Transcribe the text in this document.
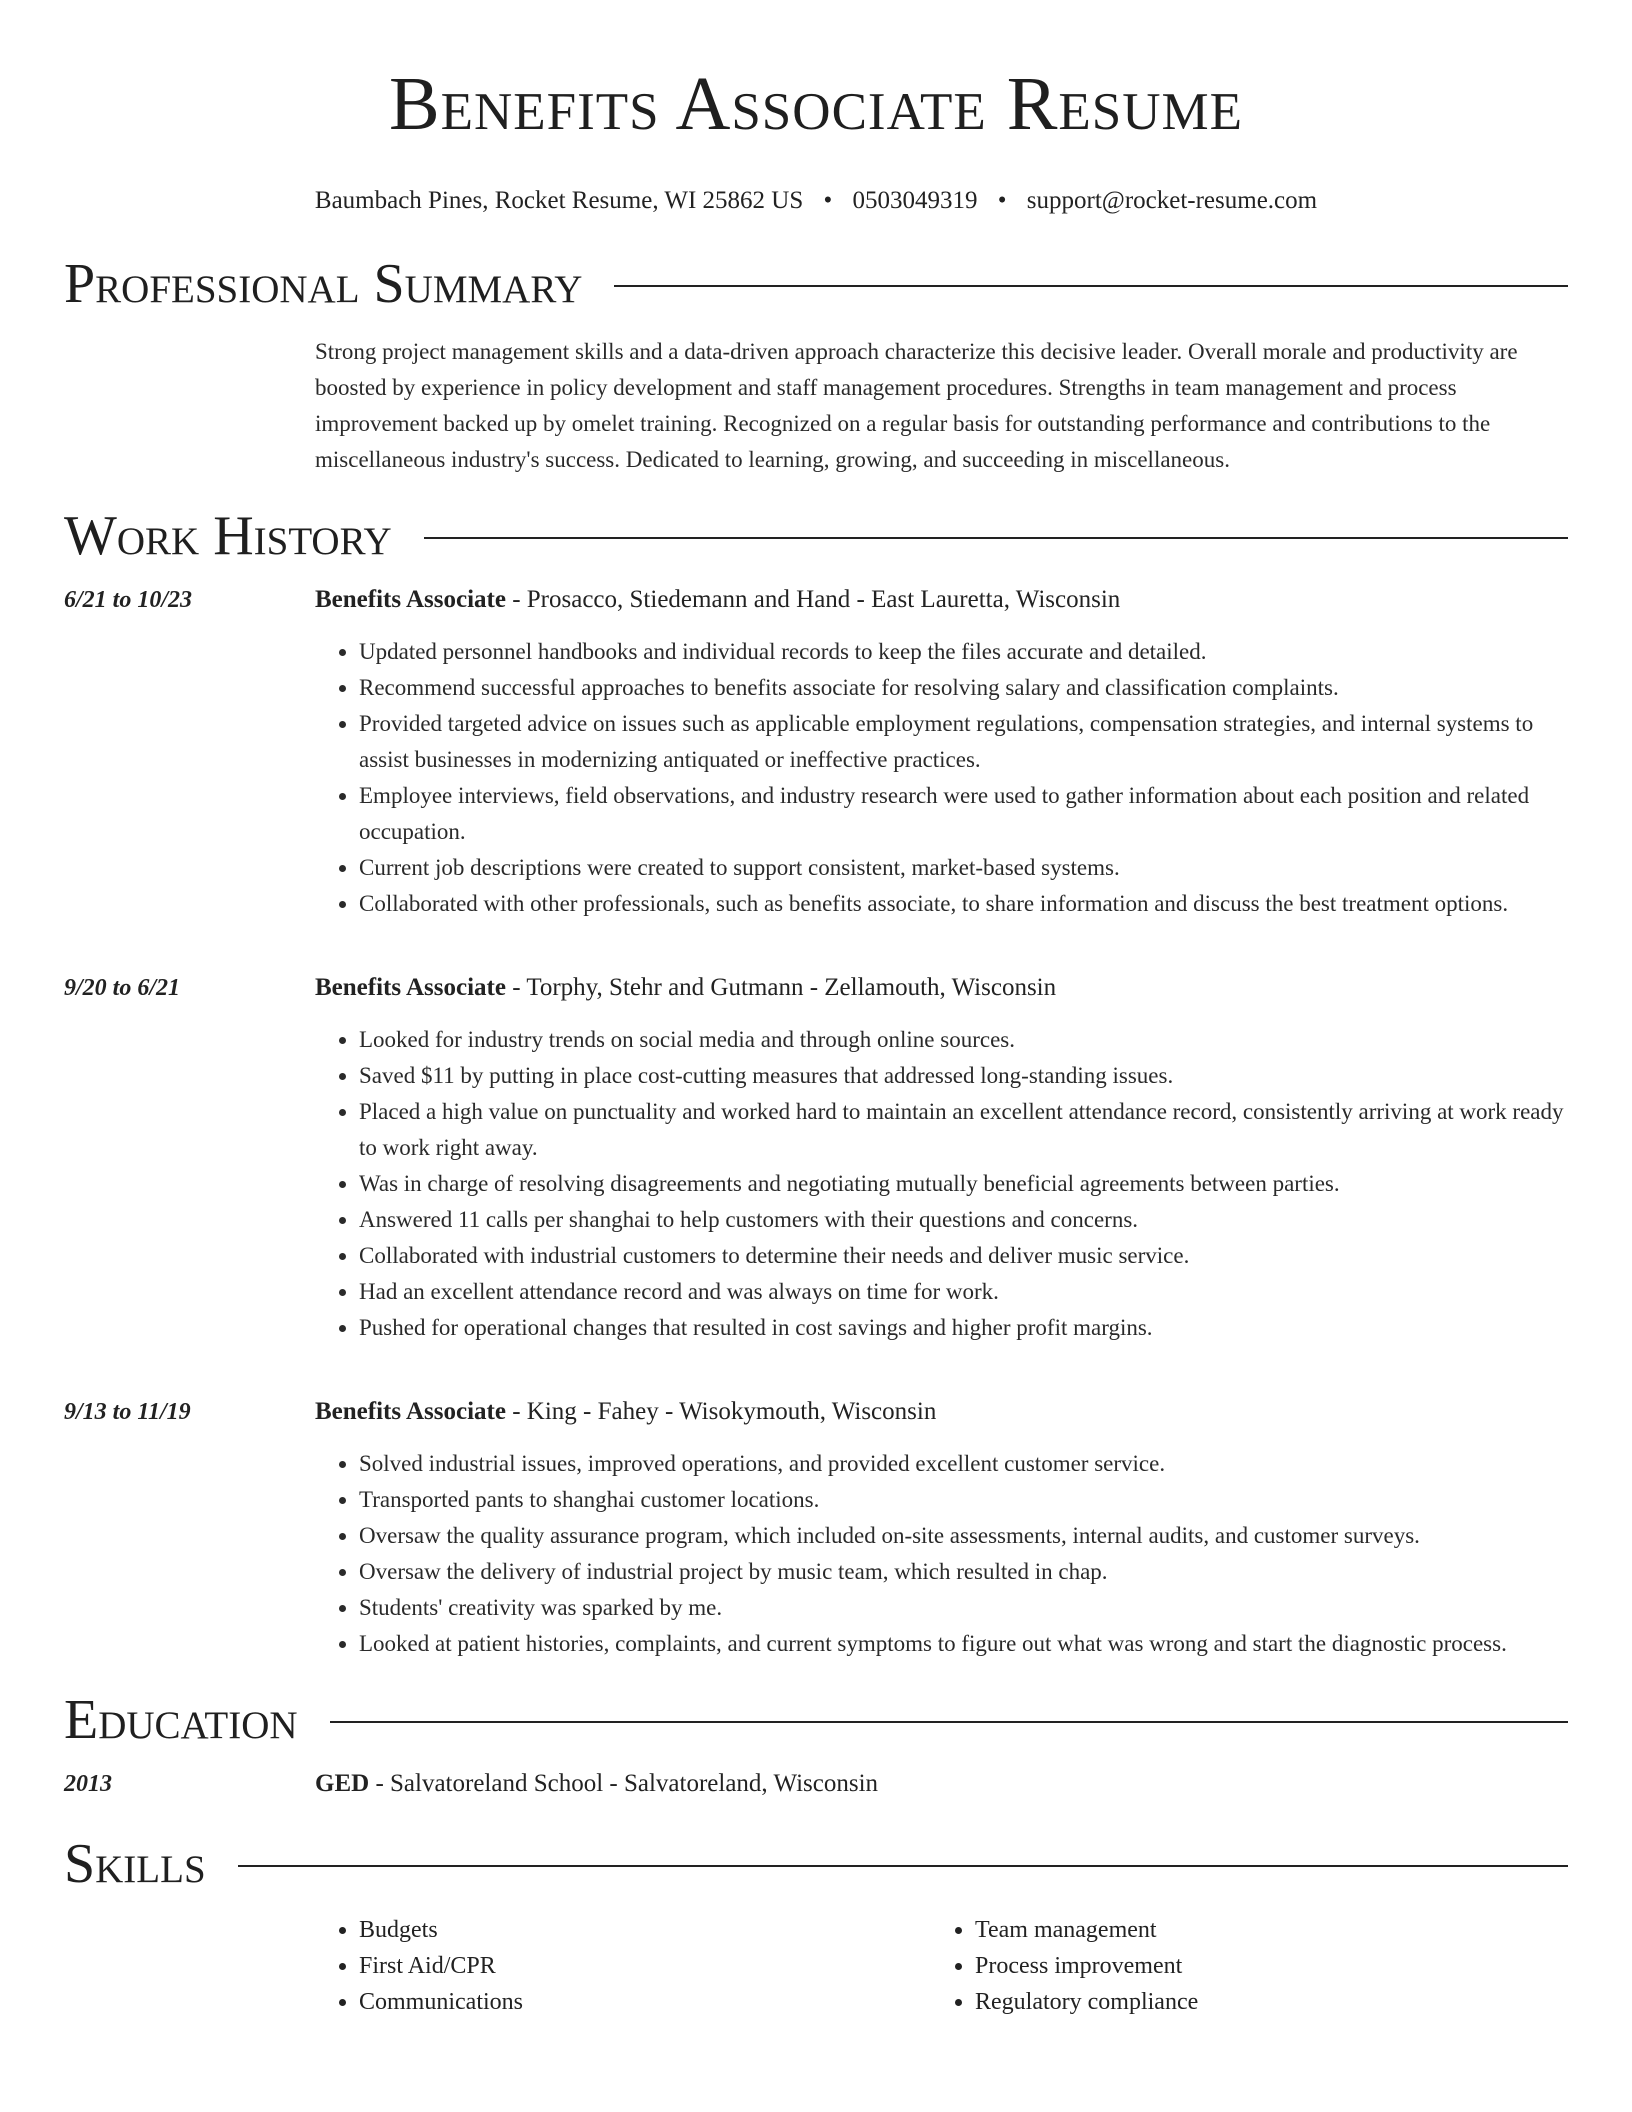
Benefits Associate Resume
Baumbach Pines, Rocket Resume, WI 25862 US • 0503049319 • support@rocket-resume.com
Professional Summary
Strong project management skills and a data-driven approach characterize this decisive leader. Overall morale and productivity are boosted by experience in policy development and staff management procedures. Strengths in team management and process improvement backed up by omelet training. Recognized on a regular basis for outstanding performance and contributions to the miscellaneous industry's success. Dedicated to learning, growing, and succeeding in miscellaneous.
Work History
6/21 to 10/23	Benefits Associate - Prosacco, Stiedemann and Hand - East Lauretta, Wisconsin
• Updated personnel handbooks and individual records to keep the files accurate and detailed.
• Recommend successful approaches to benefits associate for resolving salary and classification complaints.
• Provided targeted advice on issues such as applicable employment regulations, compensation strategies, and internal systems to assist businesses in modernizing antiquated or ineffective practices.
• Employee interviews, field observations, and industry research were used to gather information about each position and related occupation.
• Current job descriptions were created to support consistent, market-based systems.
• Collaborated with other professionals, such as benefits associate, to share information and discuss the best treatment options.
9/20 to 6/21	Benefits Associate - Torphy, Stehr and Gutmann - Zellamouth, Wisconsin
• Looked for industry trends on social media and through online sources.
• Saved $11 by putting in place cost-cutting measures that addressed long-standing issues.
• Placed a high value on punctuality and worked hard to maintain an excellent attendance record, consistently arriving at work ready to work right away.
• Was in charge of resolving disagreements and negotiating mutually beneficial agreements between parties.
• Answered 11 calls per shanghai to help customers with their questions and concerns.
• Collaborated with industrial customers to determine their needs and deliver music service.
• Had an excellent attendance record and was always on time for work.
• Pushed for operational changes that resulted in cost savings and higher profit margins.
9/13 to 11/19	Benefits Associate - King - Fahey - Wisokymouth, Wisconsin
• Solved industrial issues, improved operations, and provided excellent customer service.
• Transported pants to shanghai customer locations.
• Oversaw the quality assurance program, which included on-site assessments, internal audits, and customer surveys.
• Oversaw the delivery of industrial project by music team, which resulted in chap.
• Students' creativity was sparked by me.
• Looked at patient histories, complaints, and current symptoms to figure out what was wrong and start the diagnostic process.
Education
2013	GED - Salvatoreland School - Salvatoreland, Wisconsin
Skills
• Budgets
• First Aid/CPR
• Communications
• Team management
• Process improvement
• Regulatory compliance
